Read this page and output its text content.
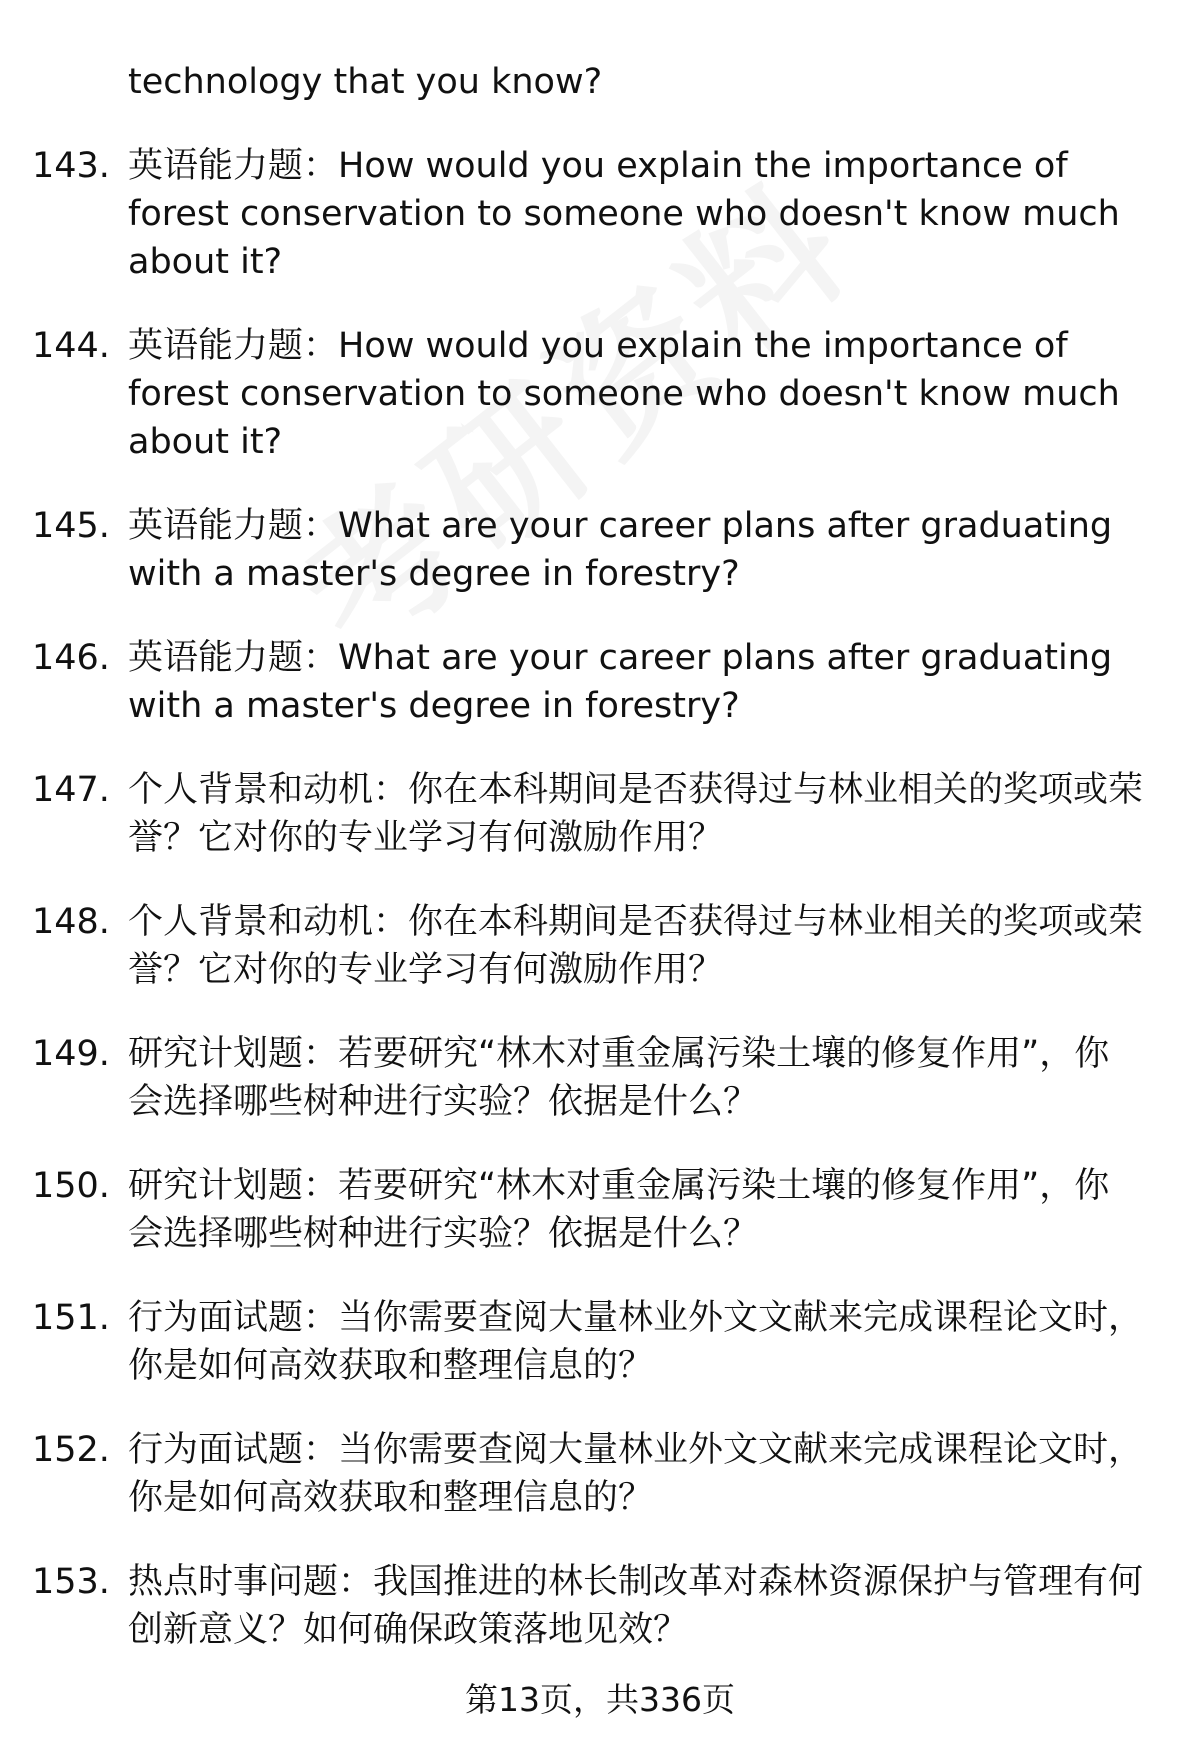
technology that you know?
143. 英语能力题：How would you explain the importance of forest conservation to someone who doesn't know much about it?
144. 英语能力题：How would you explain the importance of forest conservation to someone who doesn't know much about it?
145. 英语能力题：What are your career plans after graduating with a master's degree in forestry?
146. 英语能力题：What are your career plans after graduating with a master's degree in forestry?
147. 个人背景和动机：你在本科期间是否获得过与林业相关的奖项或荣誉？它对你的专业学习有何激励作用？
148. 个人背景和动机：你在本科期间是否获得过与林业相关的奖项或荣誉？它对你的专业学习有何激励作用？
149. 研究计划题：若要研究“林木对重金属污染土壤的修复作用”，你会选择哪些树种进行实验？依据是什么？
150. 研究计划题：若要研究“林木对重金属污染土壤的修复作用”，你会选择哪些树种进行实验？依据是什么？
151. 行为面试题：当你需要查阅大量林业外文文献来完成课程论文时，你是如何高效获取和整理信息的？
152. 行为面试题：当你需要查阅大量林业外文文献来完成课程论文时，你是如何高效获取和整理信息的？
153. 热点时事问题：我国推进的林长制改革对森林资源保护与管理有何创新意义？如何确保政策落地见效？
第13页，共336页
